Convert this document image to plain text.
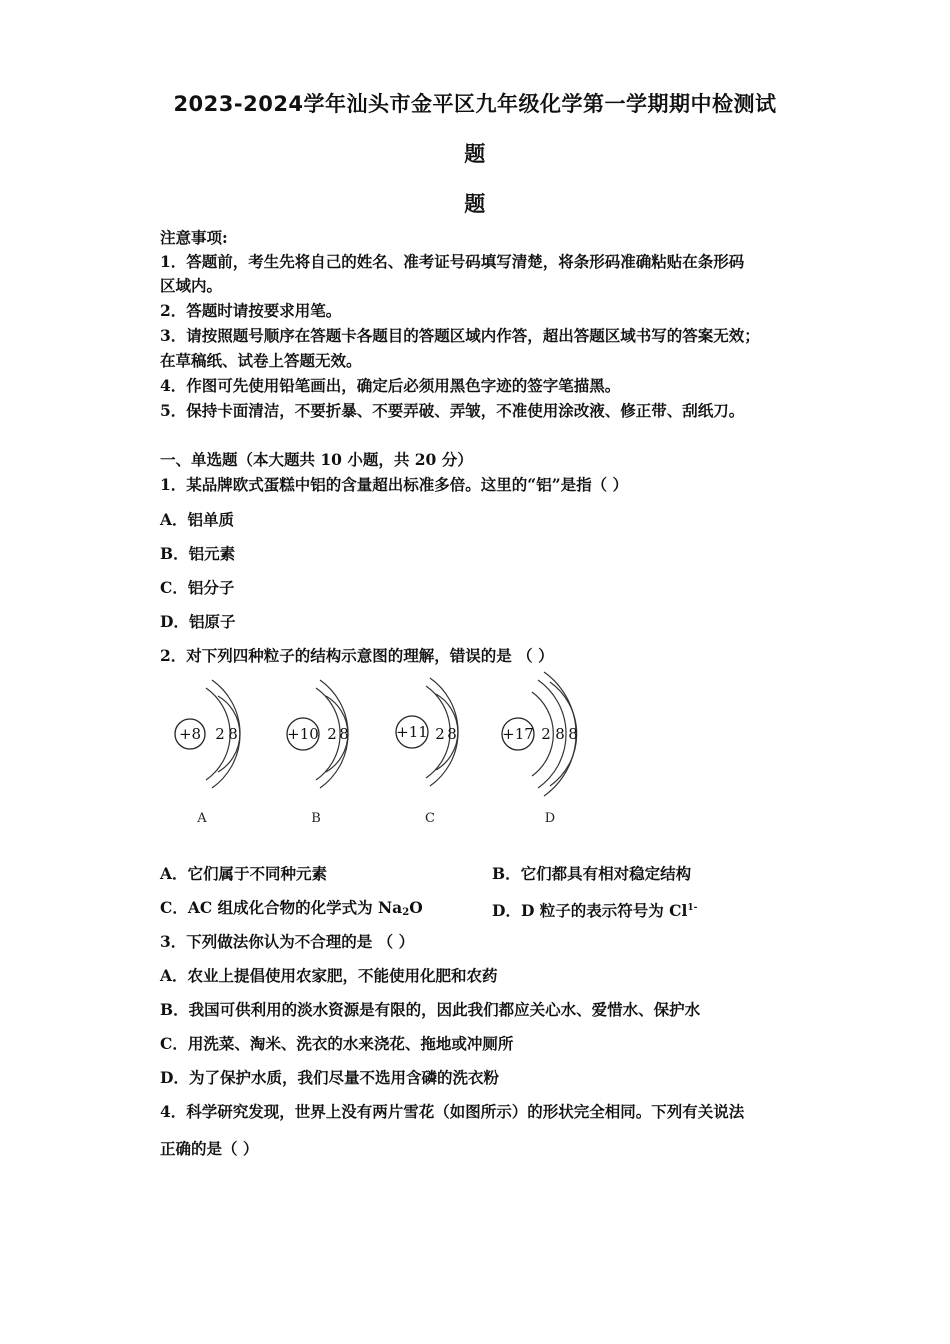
2023-2024学年汕头市金平区九年级化学第一学期期中检测试
题
题
注意事项:
1．答题前，考生先将自己的姓名、准考证号码填写清楚，将条形码准确粘贴在条形码
区域内。
2．答题时请按要求用笔。
3．请按照题号顺序在答题卡各题目的答题区域内作答，超出答题区域书写的答案无效；
在草稿纸、试卷上答题无效。
4．作图可先使用铅笔画出，确定后必须用黑色字迹的签字笔描黑。
5．保持卡面清洁，不要折暴、不要弄破、弄皱，不准使用涂改液、修正带、刮纸刀。
一、单选题（本大题共 10 小题，共 20 分）
1．某品牌欧式蛋糕中铝的含量超出标准多倍。这里的“铝”是指（ ）
A．铝单质
B．铝元素
C．铝分子
D．铝原子
2．对下列四种粒子的结构示意图的理解，错误的是 （ ）
+8 2 8
A
+10 2 8
B
+11 2 8
C
+17 2 8 8
D
A．它们属于不同种元素	B．它们都具有相对稳定结构
C．AC 组成化合物的化学式为 $Na_2O$	D．D 粒子的表示符号为 $Cl^{1-}$
3．下列做法你认为不合理的是 （ ）
A．农业上提倡使用农家肥，不能使用化肥和农药
B．我国可供利用的淡水资源是有限的，因此我们都应关心水、爱惜水、保护水
C．用洗菜、淘米、洗衣的水来浇花、拖地或冲厕所
D．为了保护水质，我们尽量不选用含磷的洗衣粉
4．科学研究发现，世界上没有两片雪花（如图所示）的形状完全相同。下列有关说法
正确的是（ ）
